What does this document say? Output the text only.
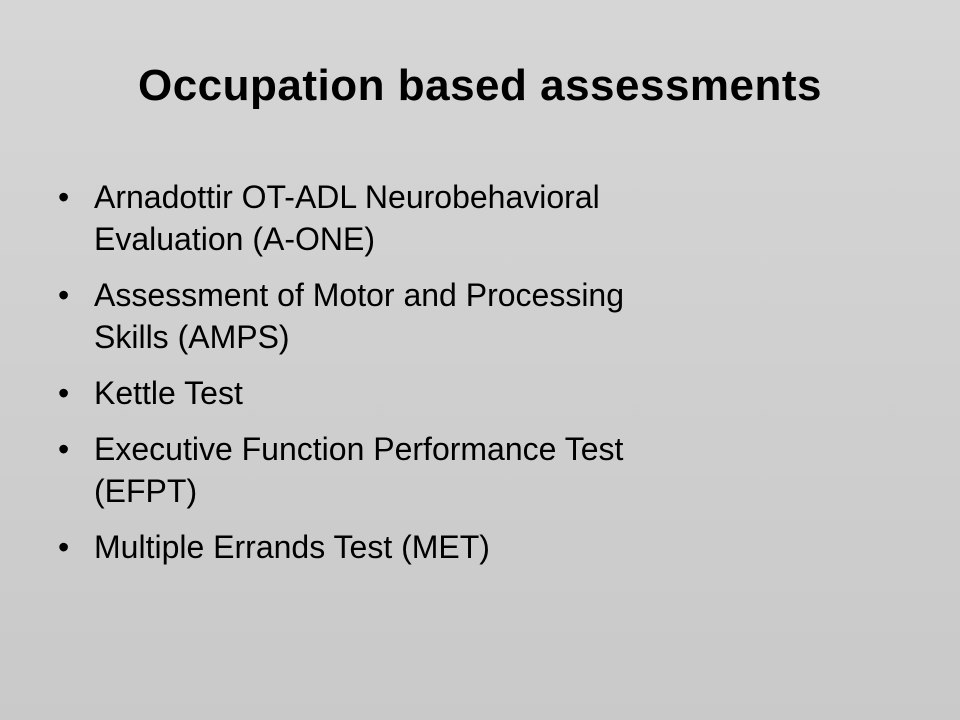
Occupation based assessments
• Arnadottir OT-ADL Neurobehavioral
Evaluation (A-ONE)
• Assessment of Motor and Processing
Skills (AMPS)
• Kettle Test
• Executive Function Performance Test
(EFPT)
• Multiple Errands Test (MET)
